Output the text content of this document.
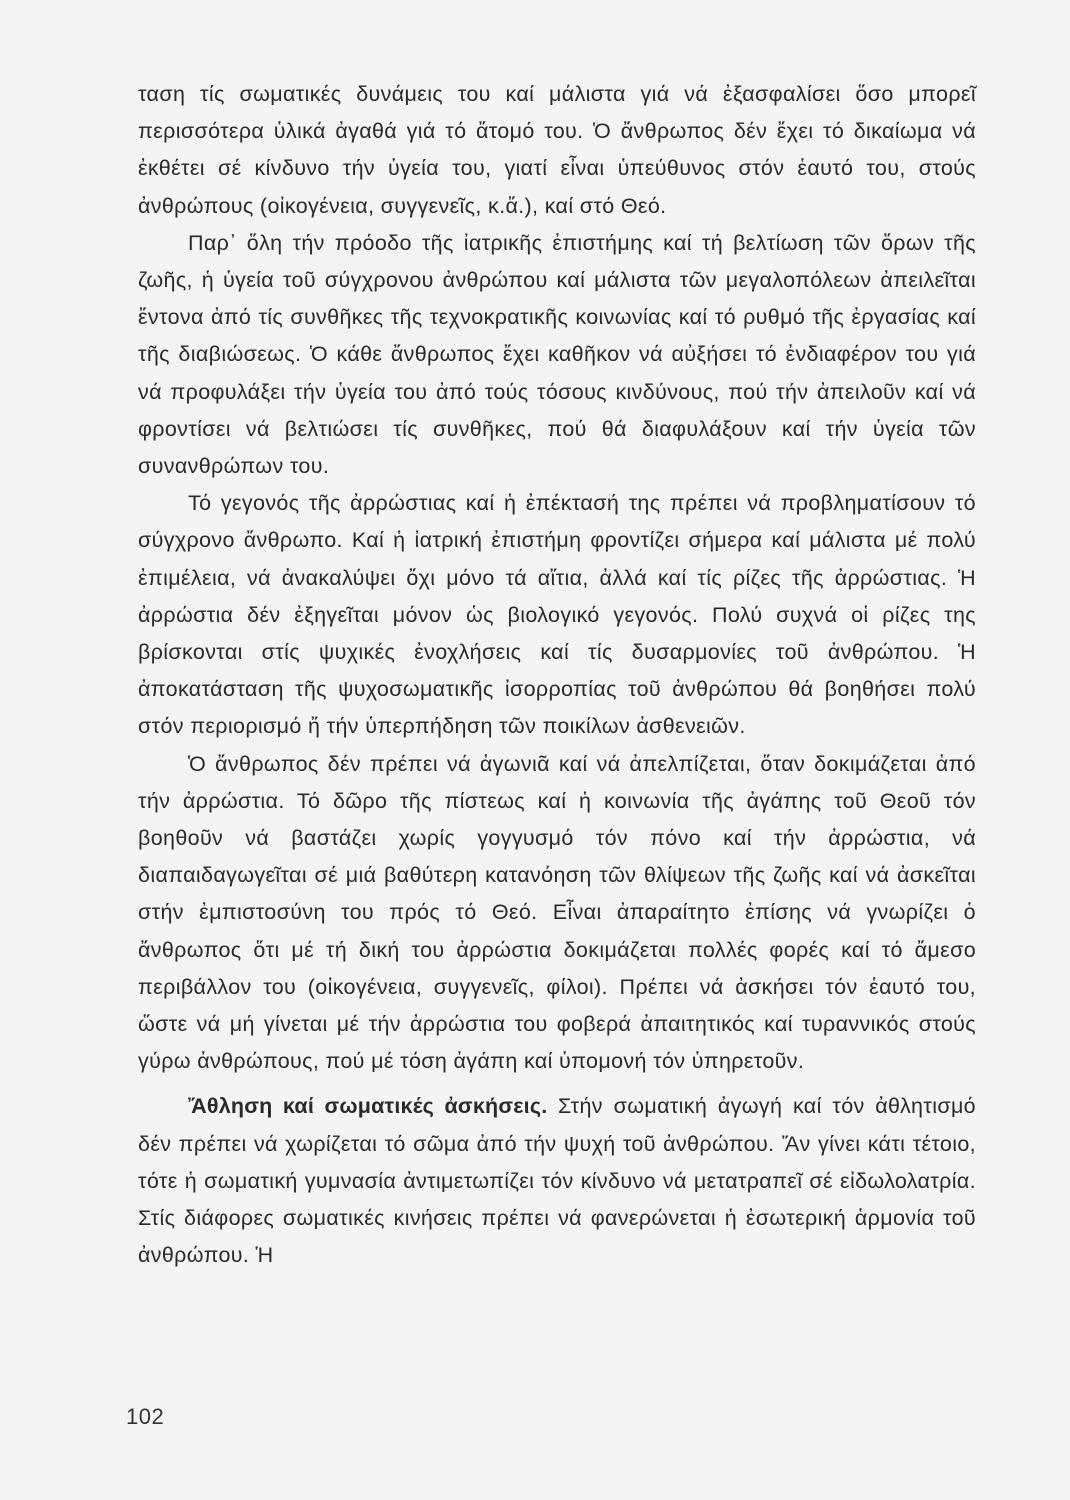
ταση τίς σωματικές δυνάμεις του καί μάλιστα γιά νά ἐξασφαλίσει ὅσο μπορεῖ περισσότερα ὑλικά ἀγαθά γιά τό ἄτομό του. Ὁ ἄνθρωπος δέν ἔχει τό δικαίωμα νά ἐκθέτει σέ κίνδυνο τήν ὑγεία του, γιατί εἶναι ὑπεύθυνος στόν ἑαυτό του, στούς ἀνθρώπους (οἰκογένεια, συγγενεῖς, κ.ἄ.), καί στό Θεό.

Παρ᾽ ὅλη τήν πρόοδο τῆς ἰατρικῆς ἐπιστήμης καί τή βελτίωση τῶν ὅρων τῆς ζωῆς, ἡ ὑγεία τοῦ σύγχρονου ἀνθρώπου καί μάλιστα τῶν μεγαλοπόλεων ἀπειλεῖται ἔντονα ἀπό τίς συνθῆκες τῆς τεχνοκρατικῆς κοινωνίας καί τό ρυθμό τῆς ἐργασίας καί τῆς διαβιώσεως. Ὁ κάθε ἄνθρωπος ἔχει καθῆκον νά αὐξήσει τό ἐνδιαφέρον του γιά νά προφυλάξει τήν ὑγεία του ἀπό τούς τόσους κινδύνους, πού τήν ἀπειλοῦν καί νά φροντίσει νά βελτιώσει τίς συνθῆκες, πού θά διαφυλάξουν καί τήν ὑγεία τῶν συνανθρώπων του.

Τό γεγονός τῆς ἀρρώστιας καί ἡ ἐπέκτασή της πρέπει νά προβληματίσουν τό σύγχρονο ἄνθρωπο. Καί ἡ ἰατρική ἐπιστήμη φροντίζει σήμερα καί μάλιστα μέ πολύ ἐπιμέλεια, νά ἀνακαλύψει ὄχι μόνο τά αἴτια, ἀλλά καί τίς ρίζες τῆς ἀρρώστιας. Ἡ ἀρρώστια δέν ἐξηγεῖται μόνον ὡς βιολογικό γεγονός. Πολύ συχνά οἱ ρίζες της βρίσκονται στίς ψυχικές ἐνοχλήσεις καί τίς δυσαρμονίες τοῦ ἀνθρώπου. Ἡ ἀποκατάσταση τῆς ψυχοσωματικῆς ἰσορροπίας τοῦ ἀνθρώπου θά βοηθήσει πολύ στόν περιορισμό ἤ τήν ὑπερπήδηση τῶν ποικίλων ἀσθενειῶν.

Ὁ ἄνθρωπος δέν πρέπει νά ἀγωνιᾶ καί νά ἀπελπίζεται, ὅταν δοκιμάζεται ἀπό τήν ἀρρώστια. Τό δῶρο τῆς πίστεως καί ἡ κοινωνία τῆς ἀγάπης τοῦ Θεοῦ τόν βοηθοῦν νά βαστάζει χωρίς γογγυσμό τόν πόνο καί τήν ἀρρώστια, νά διαπαιδαγωγεῖται σέ μιά βαθύτερη κατανόηση τῶν θλίψεων τῆς ζωῆς καί νά ἀσκεῖται στήν ἐμπιστοσύνη του πρός τό Θεό. Εἶναι ἀπαραίτητο ἐπίσης νά γνωρίζει ὁ ἄνθρωπος ὅτι μέ τή δική του ἀρρώστια δοκιμάζεται πολλές φορές καί τό ἄμεσο περιβάλλον του (οἰκογένεια, συγγενεῖς, φίλοι). Πρέπει νά ἀσκήσει τόν ἑαυτό του, ὥστε νά μή γίνεται μέ τήν ἀρρώστια του φοβερά ἀπαιτητικός καί τυραννικός στούς γύρω ἀνθρώπους, πού μέ τόση ἀγάπη καί ὑπομονή τόν ὑπηρετοῦν.

Ἄθληση καί σωματικές ἀσκήσεις. Στήν σωματική ἀγωγή καί τόν ἀθλητισμό δέν πρέπει νά χωρίζεται τό σῶμα ἀπό τήν ψυχή τοῦ ἀνθρώπου. Ἄν γίνει κάτι τέτοιο, τότε ἡ σωματική γυμνασία ἀντιμετωπίζει τόν κίνδυνο νά μετατραπεῖ σέ εἰδωλολατρία. Στίς διάφορες σωματικές κινήσεις πρέπει νά φανερώνεται ἡ ἐσωτερική ἁρμονία τοῦ ἀνθρώπου. Ἡ

102
